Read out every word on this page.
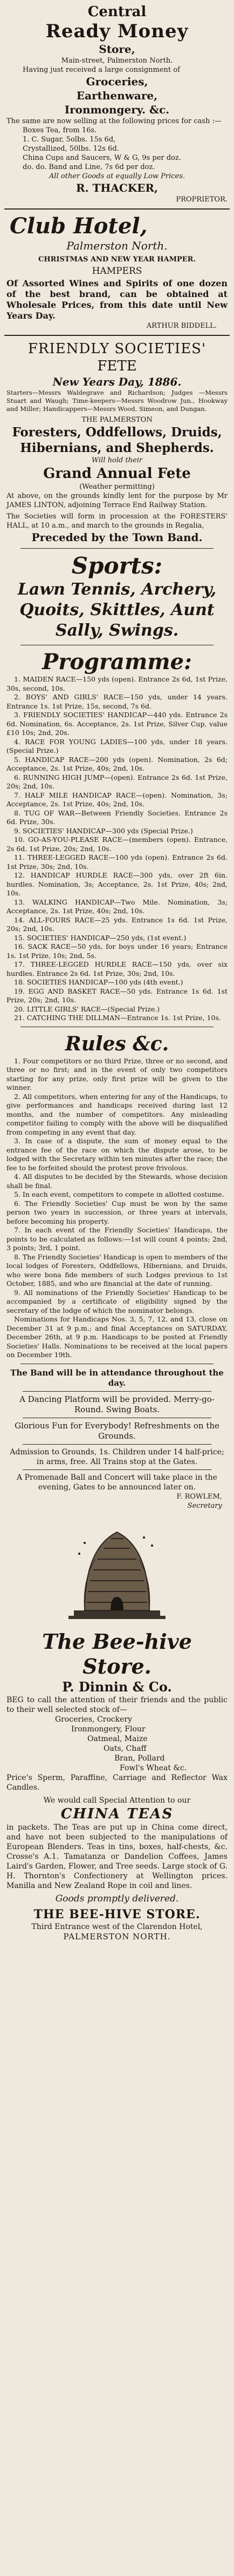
Central
Ready Money
Store,
Main-street, Palmerston North.

Having just received a large consignment of

Groceries,
Earthenware,
Ironmongery. &c.

The same are now selling at the following prices for cash :—

Boxes Tea, from 16s.
1. C. Sugar, 5olbs. 15s 6d,
Crystallized, 50lbs. 12s 6d.
China Cups and Saucers, W & G, 9s per doz.
do. do. Band and Line, 7s 6d per doz.
All other Goods at equally Low Prices.
R. THACKER,
PROPRIETOR.
Club Hotel,
Palmerston North.
CHRISTMAS AND NEW YEAR HAMPER.
HAMPERS

Of Assorted Wines and Spirits of one dozen of the best brand, can be obtained at Wholesale Prices, from this date until New Years Day.

ARTHUR BIDDELL.
FRIENDLY SOCIETIES'
FETE
New Years Day, 1886.

Starters—Messrs Waldegrave and Richardson; Judges —Messrs Stuart and Waugh; Time-keepers—Messrs Woodrow Jun., Hookway and Miller; Handicappers—Messrs Wood, Simeon, and Dungan.

THE PALMERSTON
Foresters, Oddfellows, Druids, Hibernians, and Shepherds.
Will hold their
Grand Annual Fete
(Weather permitting)

At above, on the grounds kindly lent for the purpose by Mr JAMES LINTON, adjoining Terrace End Railway Station.

The Societies will form in procession at the FORESTERS' HALL, at 10 a.m., and march to the grounds in Regalia,

Preceded by the Town Band.
Sports:
Lawn Tennis, Archery, Quoits, Skittles, Aunt Sally, Swings.
Programme:
1. MAIDEN RACE—150 yds (open). Entrance 2s 6d, 1st Prize, 30s, second, 10s.
2. BOYS' AND GIRLS' RACE—150 yds, under 14 years. Entrance 1s. 1st Prize, 15s, second, 7s 6d.
3. FRIENDLY SOCIETIES' HANDICAP—440 yds. Entrance 2s 6d. Nomination, 6s. Acceptance, 2s. 1st Prize, Silver Cup, value £10 10s; 2nd, 20s.
4. RACE FOR YOUNG LADIES—100 yds, under 18 years. (Special Prize.)
5. HANDICAP RACE—200 yds (open). Nomination, 2s 6d; Acceptance, 2s. 1st Prize, 40s; 2nd, 10s.
6. RUNNING HIGH JUMP—(open). Entrance 2s 6d. 1st Prize, 20s; 2nd, 10s.
7. HALF MILE HANDICAP RACE—(open). Nomination, 3s; Acceptance, 2s. 1st Prize, 40s; 2nd, 10s.
8. TUG OF WAR—Between Friendly Societies. Entrance 2s 6d. Prize, 30s.
9. SOCIETIES' HANDICAP—300 yds (Special Prize.)
10. GO-AS-YOU-PLEASE RACE—(members (open). Entrance, 2s 6d. 1st Prize, 20s; 2nd, 10s.
11. THREE-LEGGED RACE—100 yds (open). Entrance 2s 6d. 1st Prize, 30s; 2nd, 10s.
12. HANDICAP HURDLE RACE—300 yds, over 2ft 6in. hurdles. Nomination, 3s; Acceptance, 2s. 1st Prize, 40s; 2nd, 10s.
13. WALKING HANDICAP—Two Mile. Nomination, 3s; Acceptance, 2s. 1st Prize, 40s; 2nd, 10s.
14. ALL-FOURS RACE—25 yds. Entrance 1s 6d. 1st Prize, 20s; 2nd, 10s.
15. SOCIETIES' HANDICAP—250 yds, (1st event.)
16. SACK RACE—50 yds, for boys under 16 years; Entrance 1s. 1st Prize, 10s; 2nd, 5s.
17. THREE-LEGGED HURDLE RACE—150 yds, over six hurdles. Entrance 2s 6d. 1st Prize, 30s; 2nd, 10s.
18. SOCIETIES HANDICAP—100 yds (4th event.)
19. EGG AND BASKET RACE—50 yds. Entrance 1s 6d. 1st Prize, 20s; 2nd, 10s.
20. LITTLE GIRLS' RACE—(Special Prize.)
21. CATCHING THE DILLMAN—Entrance 1s. 1st Prize, 10s.
Rules &c.
1. Four competitors or no third Prize, three or no second, and three or no first; and in the event of only two competitors starting for any prize, only first prize will be given to the winner.
2. All competitors, when entering for any of the Handicaps, to give performances and handicaps received during last 12 months, and the number of competitors. Any misleading competitor failing to comply with the above will be disqualified from competing in any event that day.
3. In case of a dispute, the sum of money equal to the entrance fee of the race on which the dispute arose, to be lodged with the Secretary within ten minutes after the race; the fee to be forfeited should the protest prove frivolous.
4. All disputes to be decided by the Stewards, whose decision shall be final.
5. In each event, competitors to compete in allotted costume.
6. The Friendly Societies' Cup must be won by the same person two years in succession, or three years at intervals, before becoming his property.
7. In each event of the Friendly Societies' Handicaps, the points to be calculated as follows:—1st will count 4 points; 2nd, 3 points; 3rd, 1 point.
8. The Friendly Societies' Handicap is open to members of the local lodges of Foresters, Oddfellows, Hibernians, and Druids, who were bona fide members of such Lodges previous to 1st October, 1885, and who are financial at the date of running.
9. All nominations of the Friendly Societies' Handicap to be accompanied by a certificate of eligibility signed by the secretary of the lodge of which the nominator belongs.
Nominations for Handicaps Nos. 3, 5, 7, 12, and 13, close on December 31 at 9 p.m.; and final Acceptances on SATURDAY, December 26th, at 9 p.m. Handicaps to be posted at Friendly Societies' Halls. Nominations to be received at the local papers on December 19th.

The Band will be in attendance throughout the day.

A Dancing Platform will be provided. Merry-go-Round. Swing Boats.

Glorious Fun for Everybody! Refreshments on the Grounds.

Admission to Grounds, 1s. Children under 14 half-price; in arms, free. All Trains stop at the Gates.

A Promenade Ball and Concert will take place in the evening, Gates to be announced later on.

F. ROWLEM,
Secretary
The Bee-hive Store.
P. Dinnin & Co.

BEG to call the attention of their friends and the public to their well selected stock of—

Groceries, Crockery
Ironmongery, Flour
Oatmeal, Maize
Oats, Chaff
Bran, Pollard
Fowl's Wheat &c.

Price's Sperm, Paraffine, Carriage and Reflector Wax Candles.

We would call Special Attention to our
CHINA TEAS

in packets. The Teas are put up in China come direct, and have not been subjected to the manipulations of European Blenders. Teas in tins, boxes, half-chests, &c. Crosse's A.1. Tamatanza or Dandelion Coffees, James Laird's Garden, Flower, and Tree seeds. Large stock of G. H. Thornton's Confectionery at Wellington prices. Manilla and New Zealand Rope in coil and lines.

Goods promptly delivered.
THE BEE-HIVE STORE.
Third Entrance west of the Clarendon Hotel,
PALMERSTON NORTH.
